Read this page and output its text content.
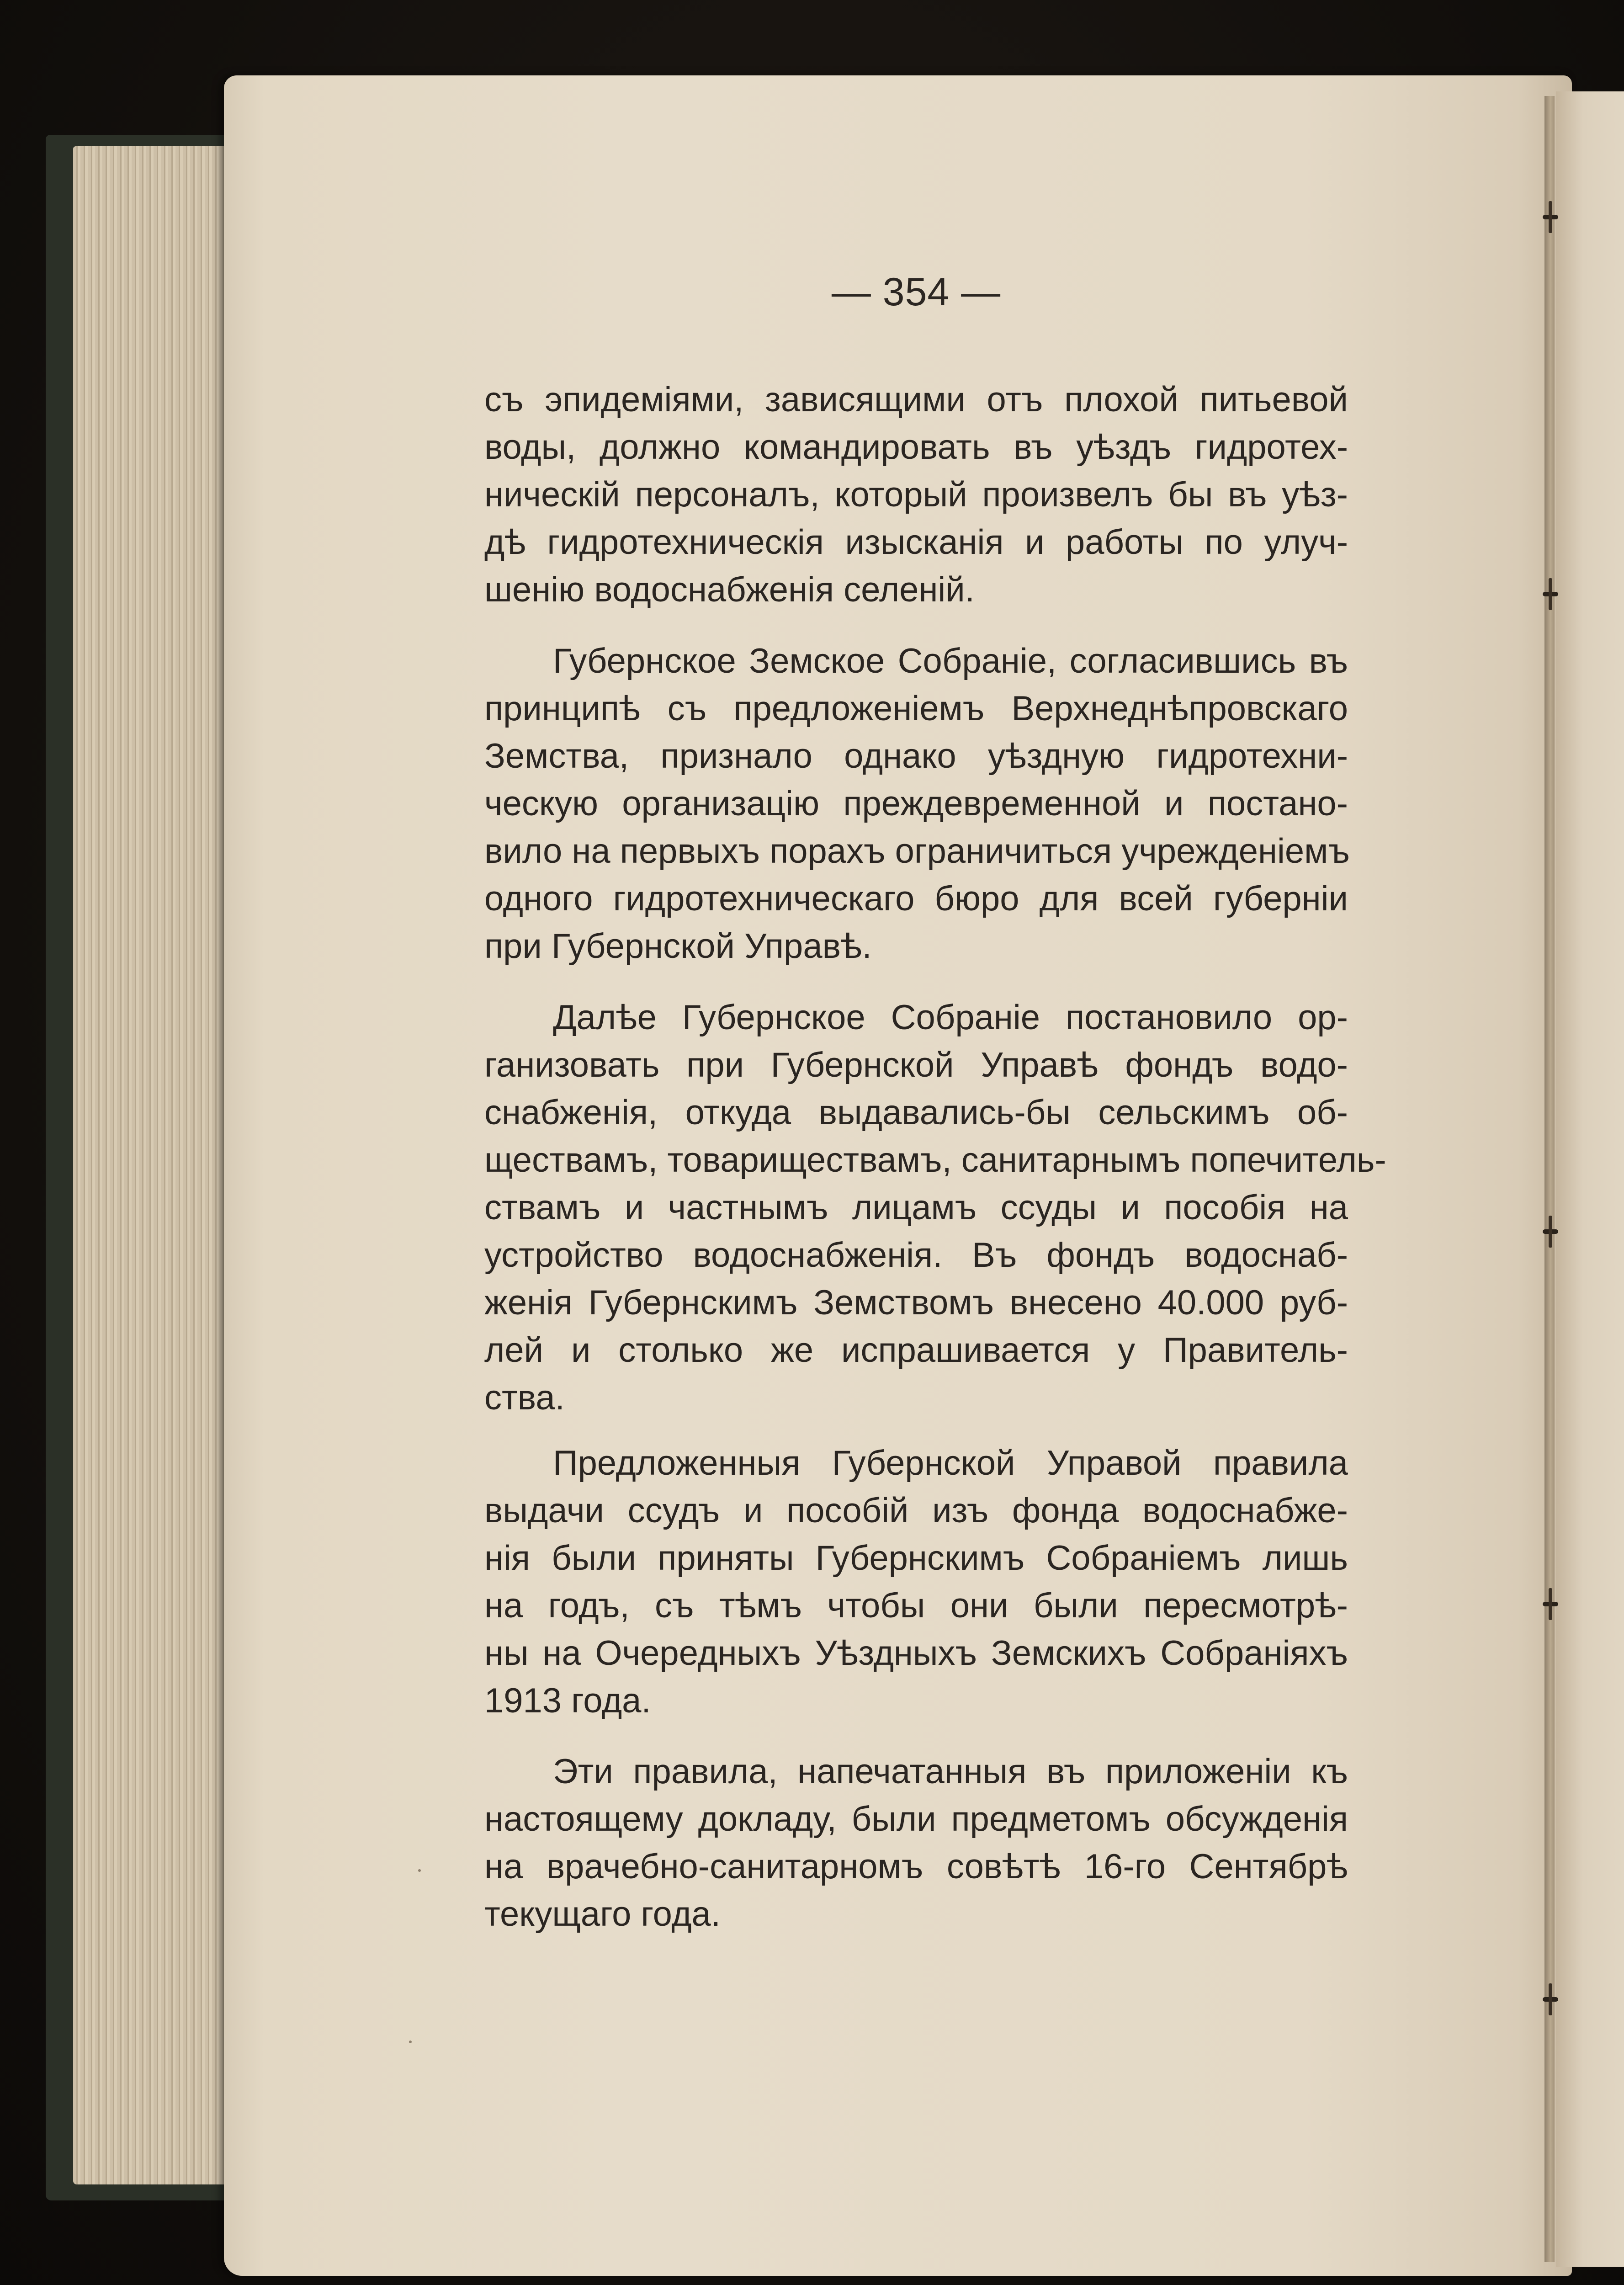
— 354 —
съ эпидеміями, зависящими отъ плохой питьевой
воды, должно командировать въ уѣздъ гидротех-
ническій персоналъ, который произвелъ бы въ уѣз-
дѣ гидротехническія изысканія и работы по улуч-
шенію водоснабженія селеній.
Губернское Земское Собраніе, согласившись въ
принципѣ съ предложеніемъ Верхнеднѣпровскаго
Земства, признало однако уѣздную гидротехни-
ческую организацію преждевременной и постано-
вило на первыхъ порахъ ограничиться учрежденіемъ
одного гидротехническаго бюро для всей губерніи
при Губернской Управѣ.
Далѣе Губернское Собраніе постановило ор-
ганизовать при Губернской Управѣ фондъ водо-
снабженія, откуда выдавались-бы сельскимъ об-
ществамъ, товариществамъ, санитарнымъ попечитель-
ствамъ и частнымъ лицамъ ссуды и пособія на
устройство водоснабженія. Въ фондъ водоснаб-
женія Губернскимъ Земствомъ внесено 40.000 руб-
лей и столько же испрашивается у Правитель-
ства.
Предложенныя Губернской Управой правила
выдачи ссудъ и пособій изъ фонда водоснабже-
нія были приняты Губернскимъ Собраніемъ лишь
на годъ, съ тѣмъ чтобы они были пересмотрѣ-
ны на Очередныхъ Уѣздныхъ Земскихъ Собраніяхъ
1913 года.
Эти правила, напечатанныя въ приложеніи къ
настоящему докладу, были предметомъ обсужденія
на врачебно-санитарномъ совѣтѣ 16-го Сентябрѣ
текущаго года.
